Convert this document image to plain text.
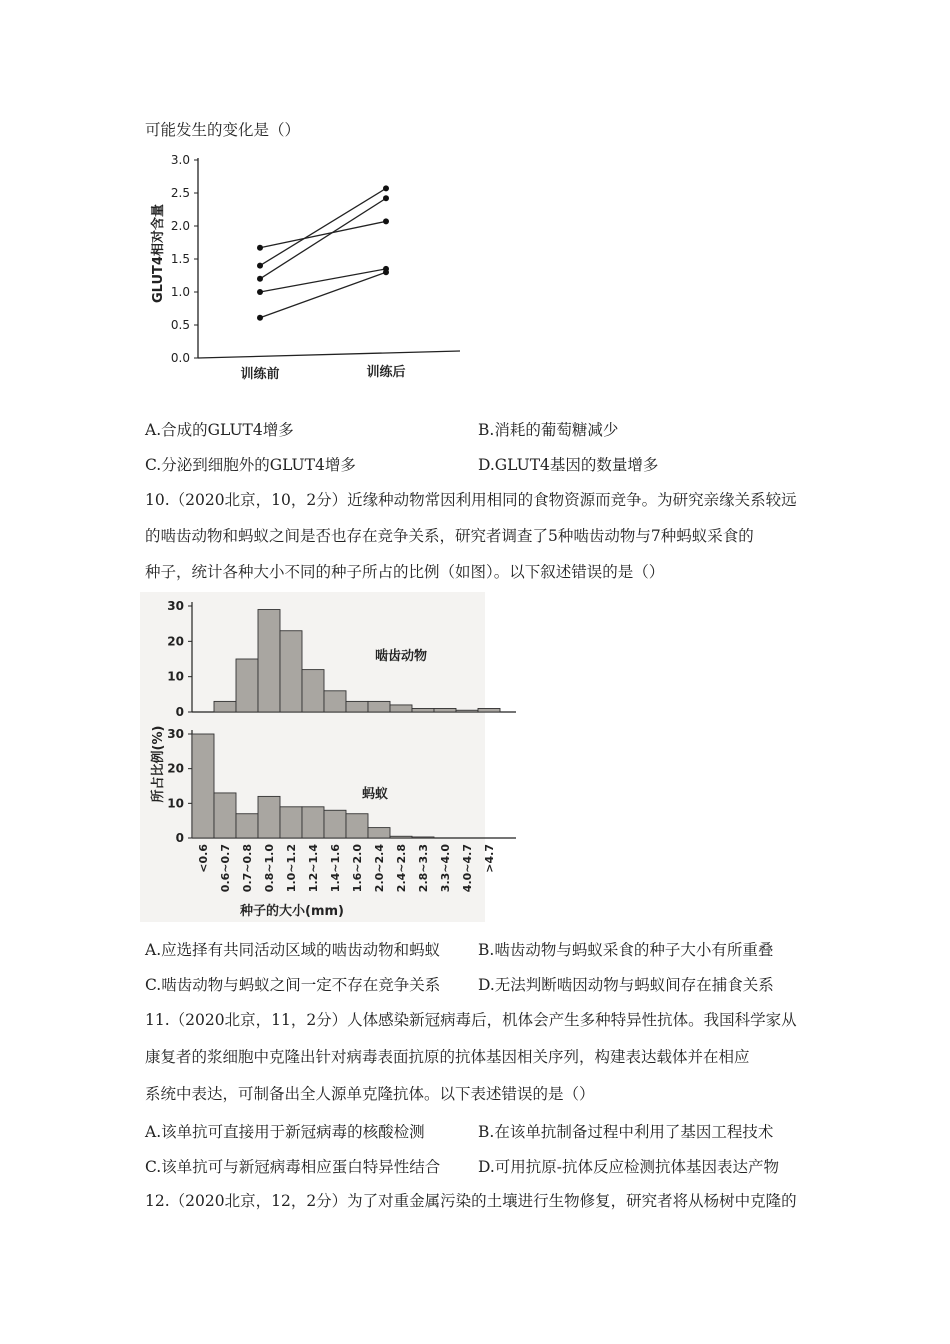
可能发生的变化是（）
0.0
0.5
1.0
1.5
2.0
2.5
3.0
GLUT4相对含量
训练前	训练后
A.合成的GLUT4增多	B.消耗的葡萄糖减少
C.分泌到细胞外的GLUT4增多	D.GLUT4基因的数量增多
10.（2020北京，10，2分）近缘种动物常因利用相同的食物资源而竞争。为研究亲缘关系较远
的啮齿动物和蚂蚁之间是否也存在竞争关系，研究者调查了5种啮齿动物与7种蚂蚁采食的
种子，统计各种大小不同的种子所占的比例（如图）。以下叙述错误的是（）
0
10
20
30
0
10
20
30
<0.6 0.6~0.7 0.7~0.8 0.8~1.0 1.0~1.2 1.2~1.4 1.4~1.6 1.6~2.0 2.0~2.4 2.4~2.8 2.8~3.3 3.3~4.0 4.0~4.7 >4.7
所占比例(%)
种子的大小(mm)
啮齿动物
蚂蚁
A.应选择有共同活动区域的啮齿动物和蚂蚁 B.啮齿动物与蚂蚁采食的种子大小有所重叠
C.啮齿动物与蚂蚁之间一定不存在竞争关系 D.无法判断啮因动物与蚂蚁间存在捕食关系
11.（2020北京，11，2分）人体感染新冠病毒后，机体会产生多种特异性抗体。我国科学家从
康复者的浆细胞中克隆出针对病毒表面抗原的抗体基因相关序列，构建表达载体并在相应
系统中表达，可制备出全人源单克隆抗体。以下表述错误的是（）
A.该单抗可直接用于新冠病毒的核酸检测	B.在该单抗制备过程中利用了基因工程技术
C.该单抗可与新冠病毒相应蛋白特异性结合 D.可用抗原-抗体反应检测抗体基因表达产物
12.（2020北京，12，2分）为了对重金属污染的土壤进行生物修复，研究者将从杨树中克隆的
